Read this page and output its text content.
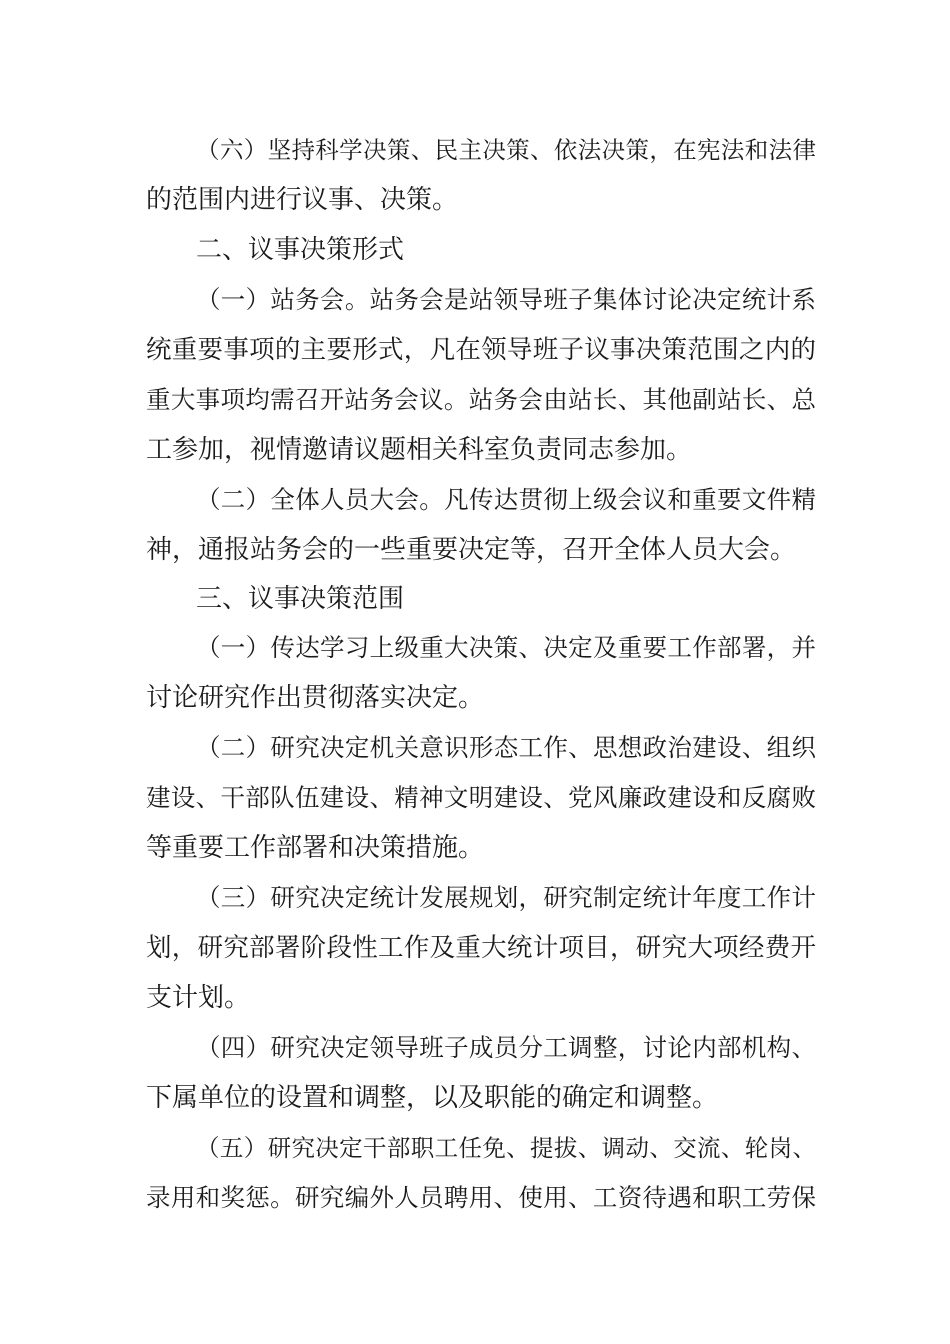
（六）坚持科学决策、民主决策、依法决策，在宪法和法律
的范围内进行议事、决策。
二、议事决策形式
（一）站务会。站务会是站领导班子集体讨论决定统计系
统重要事项的主要形式，凡在领导班子议事决策范围之内的
重大事项均需召开站务会议。站务会由站长、其他副站长、总
工参加，视情邀请议题相关科室负责同志参加。
（二）全体人员大会。凡传达贯彻上级会议和重要文件精
神，通报站务会的一些重要决定等，召开全体人员大会。
三、议事决策范围
（一）传达学习上级重大决策、决定及重要工作部署，并
讨论研究作出贯彻落实决定。
（二）研究决定机关意识形态工作、思想政治建设、组织
建设、干部队伍建设、精神文明建设、党风廉政建设和反腐败
等重要工作部署和决策措施。
（三）研究决定统计发展规划，研究制定统计年度工作计
划，研究部署阶段性工作及重大统计项目，研究大项经费开
支计划。
（四）研究决定领导班子成员分工调整，讨论内部机构、
下属单位的设置和调整，以及职能的确定和调整。
（五）研究决定干部职工任免、提拔、调动、交流、轮岗、
录用和奖惩。研究编外人员聘用、使用、工资待遇和职工劳保
